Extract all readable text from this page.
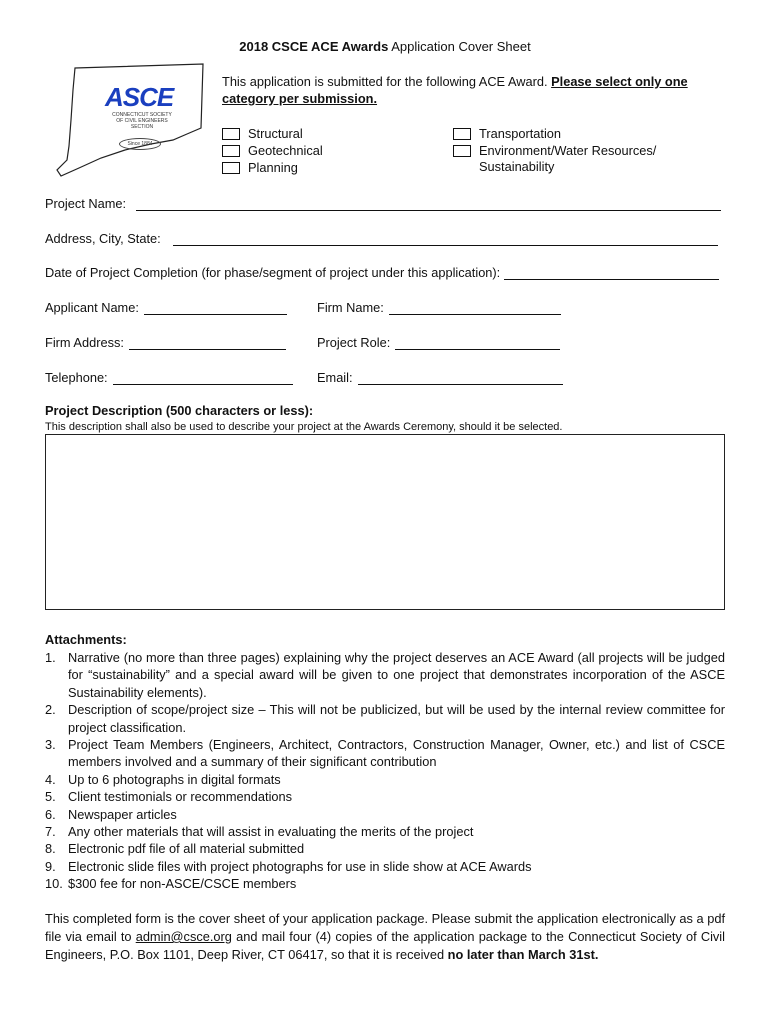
2018 CSCE ACE Awards Application Cover Sheet
ASCE
CONNECTICUT SOCIETY
OF CIVIL ENGINEERS
SECTION
Since 1884
This application is submitted for the following ACE Award. Please select only one category per submission.
Structural
Geotechnical
Planning
Transportation
Environment/Water Resources/
Sustainability
Project Name:
Address, City, State:
Date of Project Completion (for phase/segment of project under this application):
Applicant Name:	Firm Name:
Firm Address:	Project Role:
Telephone:	Email:
Project Description (500 characters or less):
This description shall also be used to describe your project at the Awards Ceremony, should it be selected.
Attachments:
1. Narrative (no more than three pages) explaining why the project deserves an ACE Award (all projects will be judged for “sustainability” and a special award will be given to one project that demonstrates incorporation of the ASCE Sustainability elements).
2. Description of scope/project size – This will not be publicized, but will be used by the internal review committee for project classification.
3. Project Team Members (Engineers, Architect, Contractors, Construction Manager, Owner, etc.) and list of CSCE members involved and a summary of their significant contribution
4. Up to 6 photographs in digital formats
5. Client testimonials or recommendations
6. Newspaper articles
7. Any other materials that will assist in evaluating the merits of the project
8. Electronic pdf file of all material submitted
9. Electronic slide files with project photographs for use in slide show at ACE Awards
10. $300 fee for non-ASCE/CSCE members
This completed form is the cover sheet of your application package. Please submit the application electronically as a pdf file via email to admin@csce.org and mail four (4) copies of the application package to the Connecticut Society of Civil Engineers, P.O. Box 1101, Deep River, CT 06417, so that it is received no later than March 31st.
